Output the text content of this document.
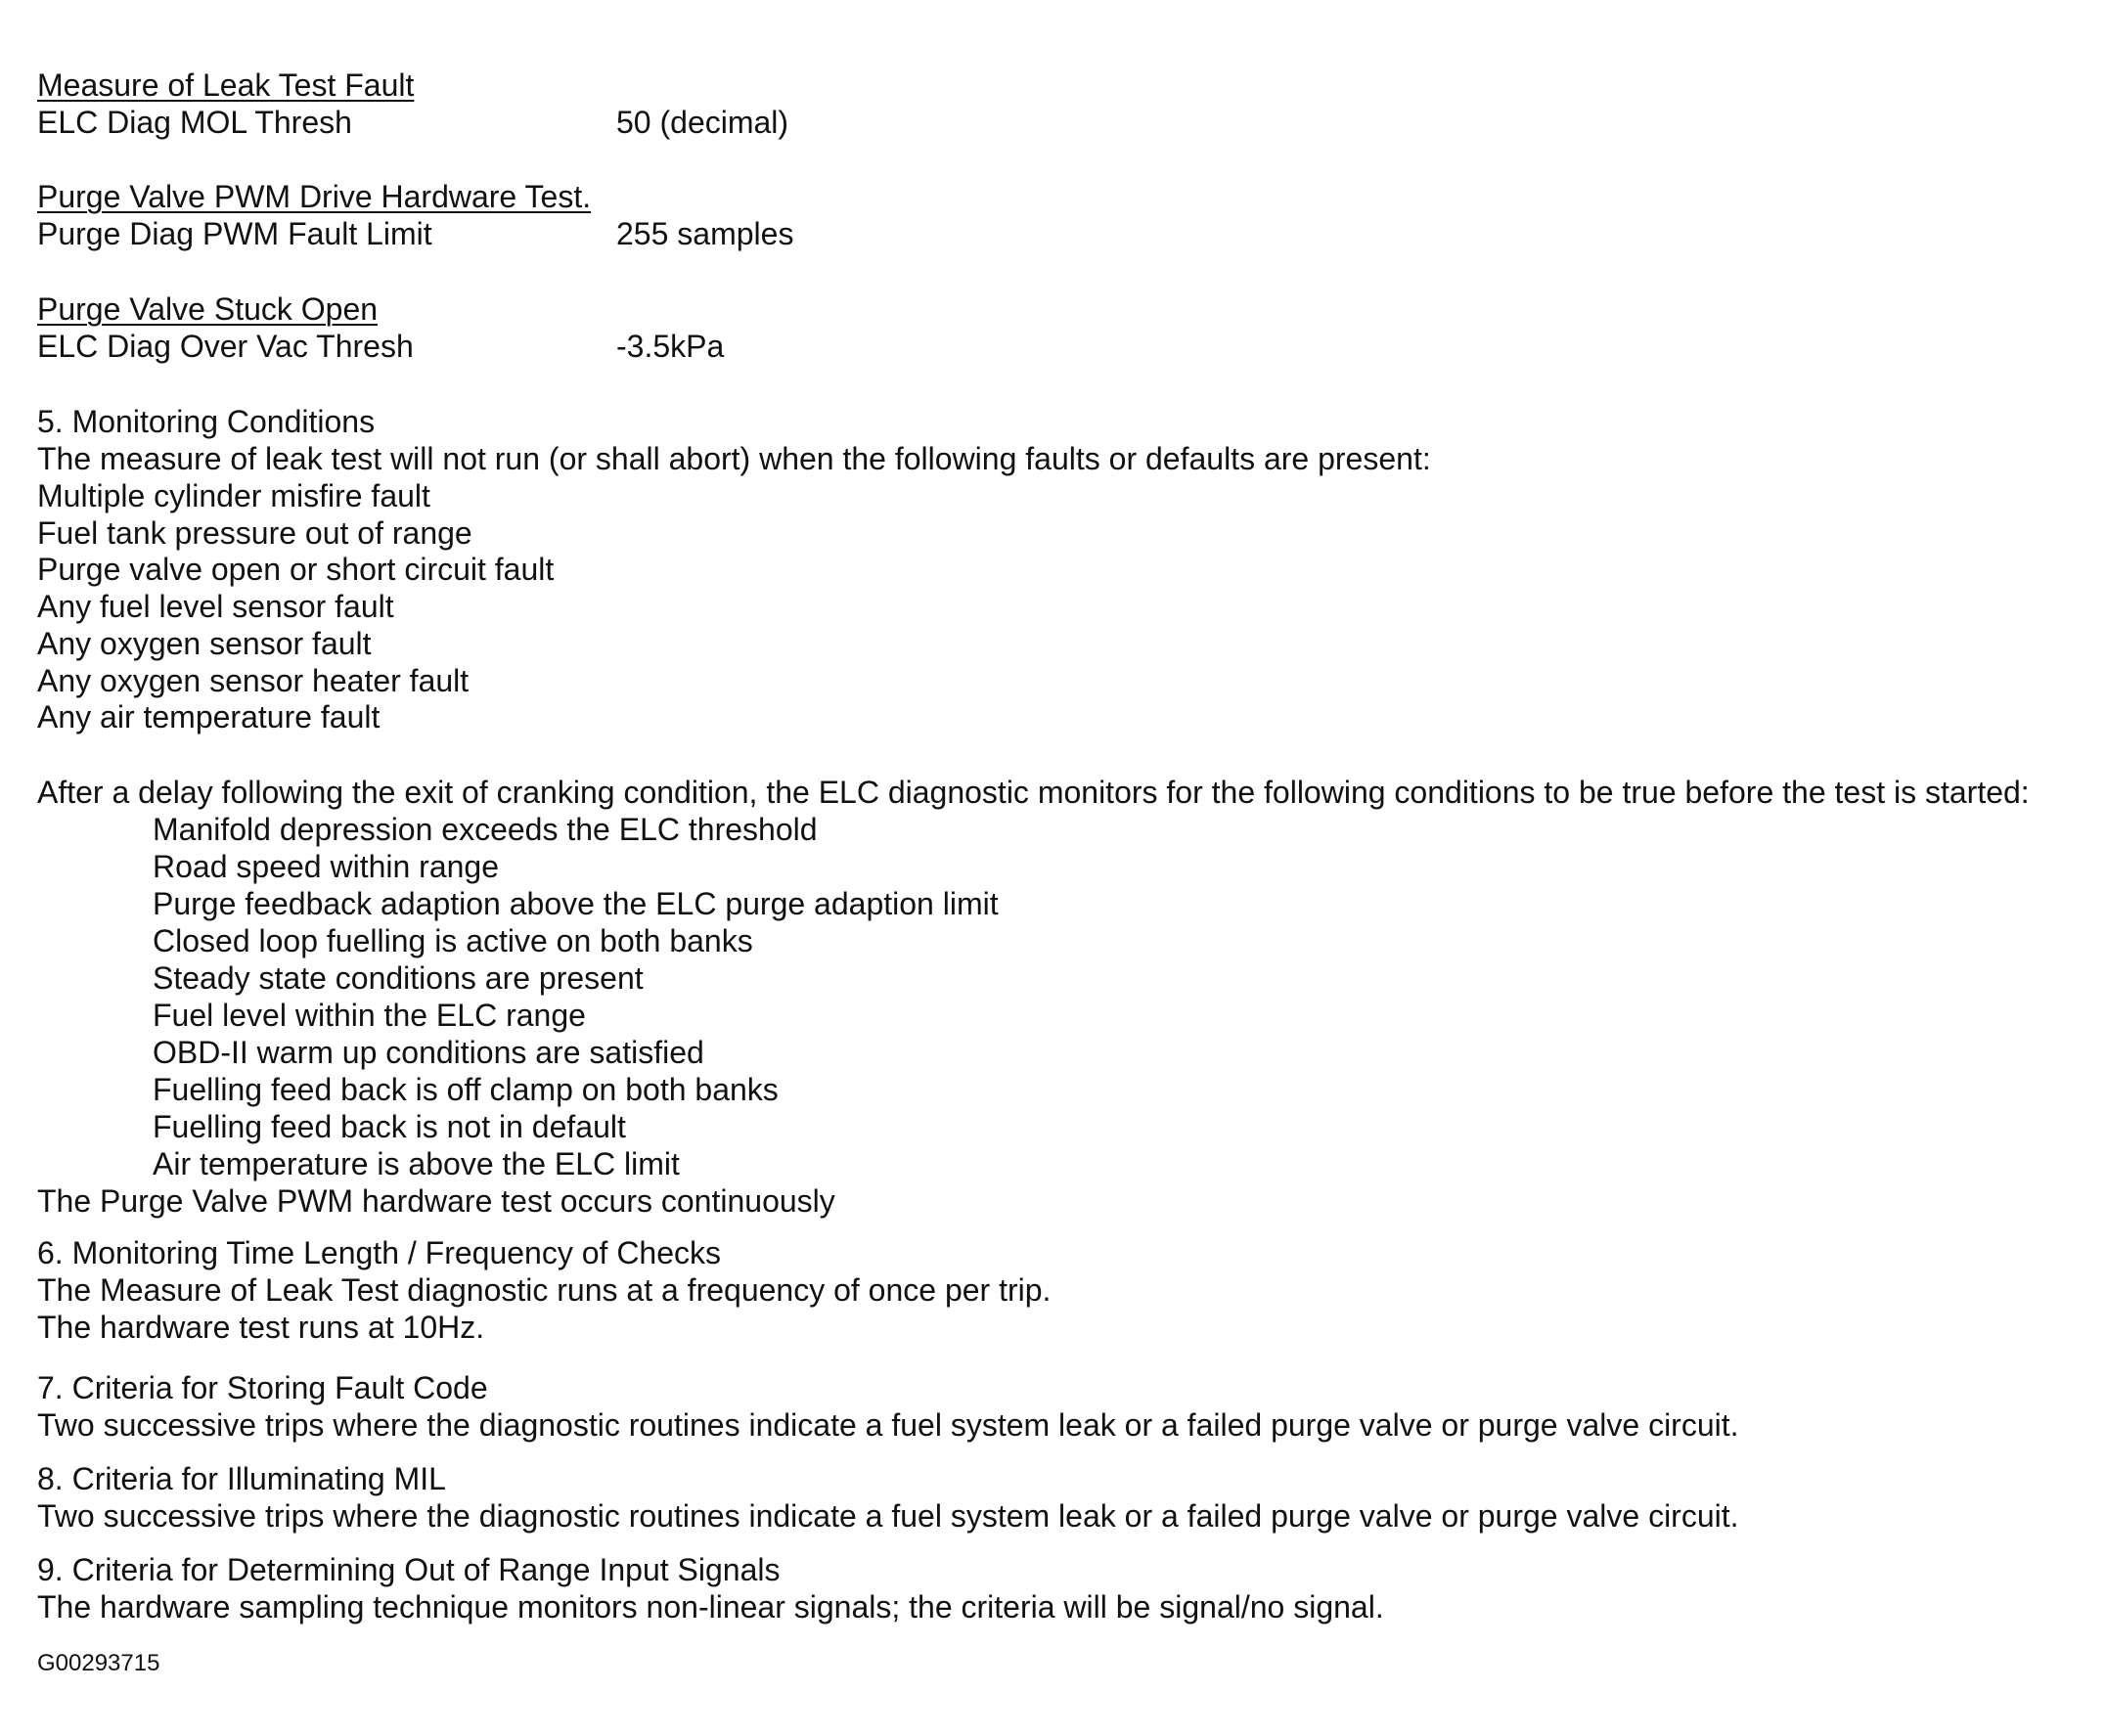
Measure of Leak Test Fault
ELC Diag MOL Thresh	50 (decimal)
Purge Valve PWM Drive Hardware Test.
Purge Diag PWM Fault Limit	255 samples
Purge Valve Stuck Open
ELC Diag Over Vac Thresh	-3.5kPa
5. Monitoring Conditions
The measure of leak test will not run (or shall abort) when the following faults or defaults are present:
Multiple cylinder misfire fault
Fuel tank pressure out of range
Purge valve open or short circuit fault
Any fuel level sensor fault
Any oxygen sensor fault
Any oxygen sensor heater fault
Any air temperature fault
After a delay following the exit of cranking condition, the ELC diagnostic monitors for the following conditions to be true before the test is started:
Manifold depression exceeds the ELC threshold
Road speed within range
Purge feedback adaption above the ELC purge adaption limit
Closed loop fuelling is active on both banks
Steady state conditions are present
Fuel level within the ELC range
OBD-II warm up conditions are satisfied
Fuelling feed back is off clamp on both banks
Fuelling feed back is not in default
Air temperature is above the ELC limit
The Purge Valve PWM hardware test occurs continuously
6. Monitoring Time Length / Frequency of Checks
The Measure of Leak Test diagnostic runs at a frequency of once per trip.
The hardware test runs at 10Hz.
7. Criteria for Storing Fault Code
Two successive trips where the diagnostic routines indicate a fuel system leak or a failed purge valve or purge valve circuit.
8. Criteria for Illuminating MIL
Two successive trips where the diagnostic routines indicate a fuel system leak or a failed purge valve or purge valve circuit.
9. Criteria for Determining Out of Range Input Signals
The hardware sampling technique monitors non-linear signals; the criteria will be signal/no signal.
G00293715
